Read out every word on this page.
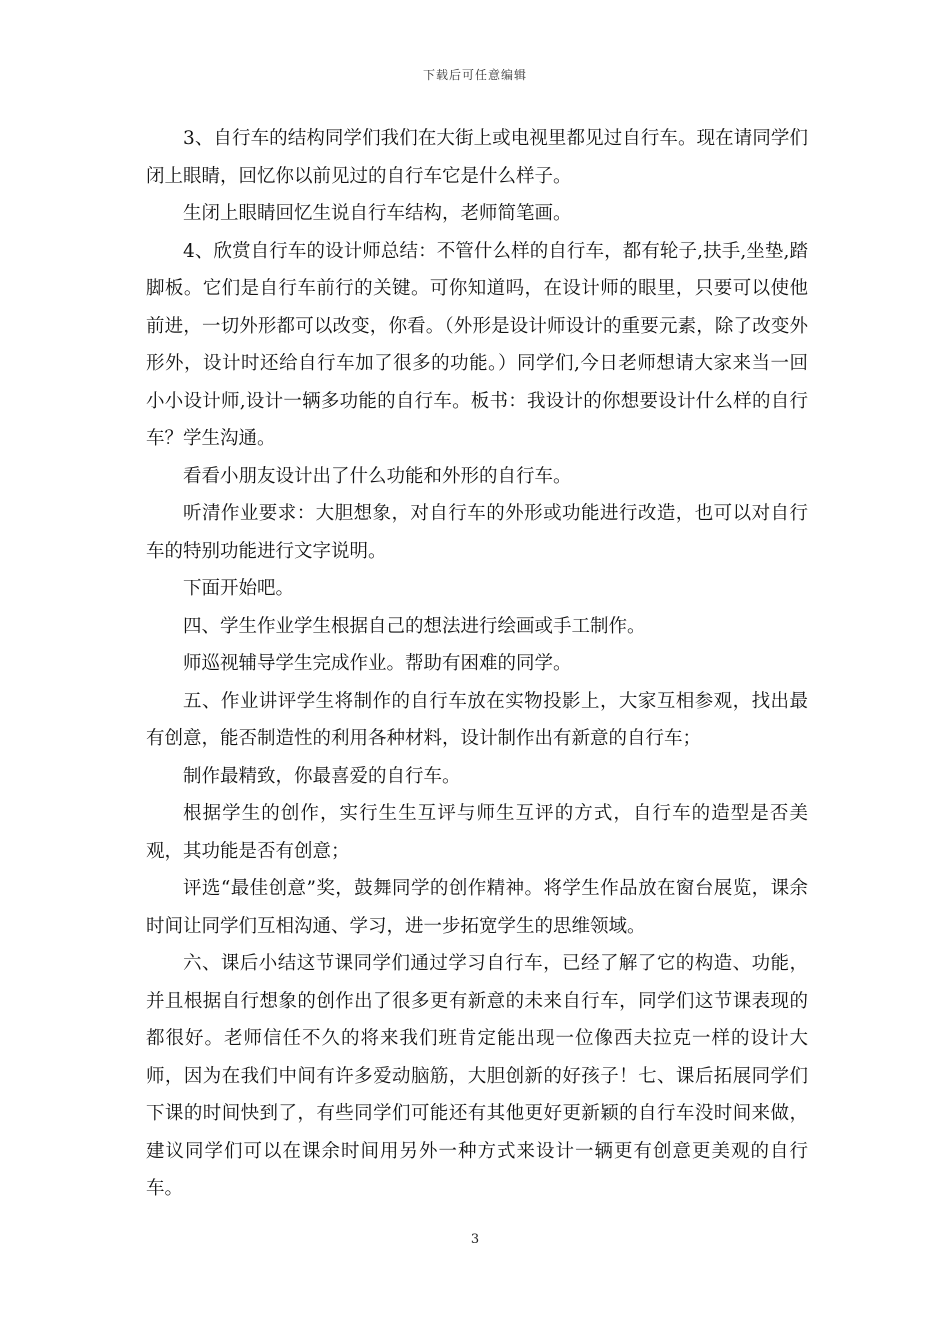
下载后可任意编辑

3、自行车的结构同学们我们在大街上或电视里都见过自行车。现在请同学们闭上眼睛，回忆你以前见过的自行车它是什么样子。

生闭上眼睛回忆生说自行车结构，老师简笔画。

4、欣赏自行车的设计师总结：不管什么样的自行车，都有轮子,扶手,坐垫,踏脚板。它们是自行车前行的关键。可你知道吗，在设计师的眼里，只要可以使他前进，一切外形都可以改变，你看。（外形是设计师设计的重要元素，除了改变外形外，设计时还给自行车加了很多的功能。）同学们,今日老师想请大家来当一回小小设计师,设计一辆多功能的自行车。板书：我设计的你想要设计什么样的自行车？学生沟通。

看看小朋友设计出了什么功能和外形的自行车。

听清作业要求：大胆想象，对自行车的外形或功能进行改造，也可以对自行车的特别功能进行文字说明。

下面开始吧。

四、学生作业学生根据自己的想法进行绘画或手工制作。

师巡视辅导学生完成作业。帮助有困难的同学。

五、作业讲评学生将制作的自行车放在实物投影上，大家互相参观，找出最有创意，能否制造性的利用各种材料，设计制作出有新意的自行车；

制作最精致，你最喜爱的自行车。

根据学生的创作，实行生生互评与师生互评的方式，自行车的造型是否美观，其功能是否有创意；

评选“最佳创意”奖，鼓舞同学的创作精神。将学生作品放在窗台展览，课余时间让同学们互相沟通、学习，进一步拓宽学生的思维领域。

六、课后小结这节课同学们通过学习自行车，已经了解了它的构造、功能，并且根据自行想象的创作出了很多更有新意的未来自行车，同学们这节课表现的都很好。老师信任不久的将来我们班肯定能出现一位像西夫拉克一样的设计大师，因为在我们中间有许多爱动脑筋，大胆创新的好孩子！七、课后拓展同学们下课的时间快到了，有些同学们可能还有其他更好更新颖的自行车没时间来做，建议同学们可以在课余时间用另外一种方式来设计一辆更有创意更美观的自行车。

3
